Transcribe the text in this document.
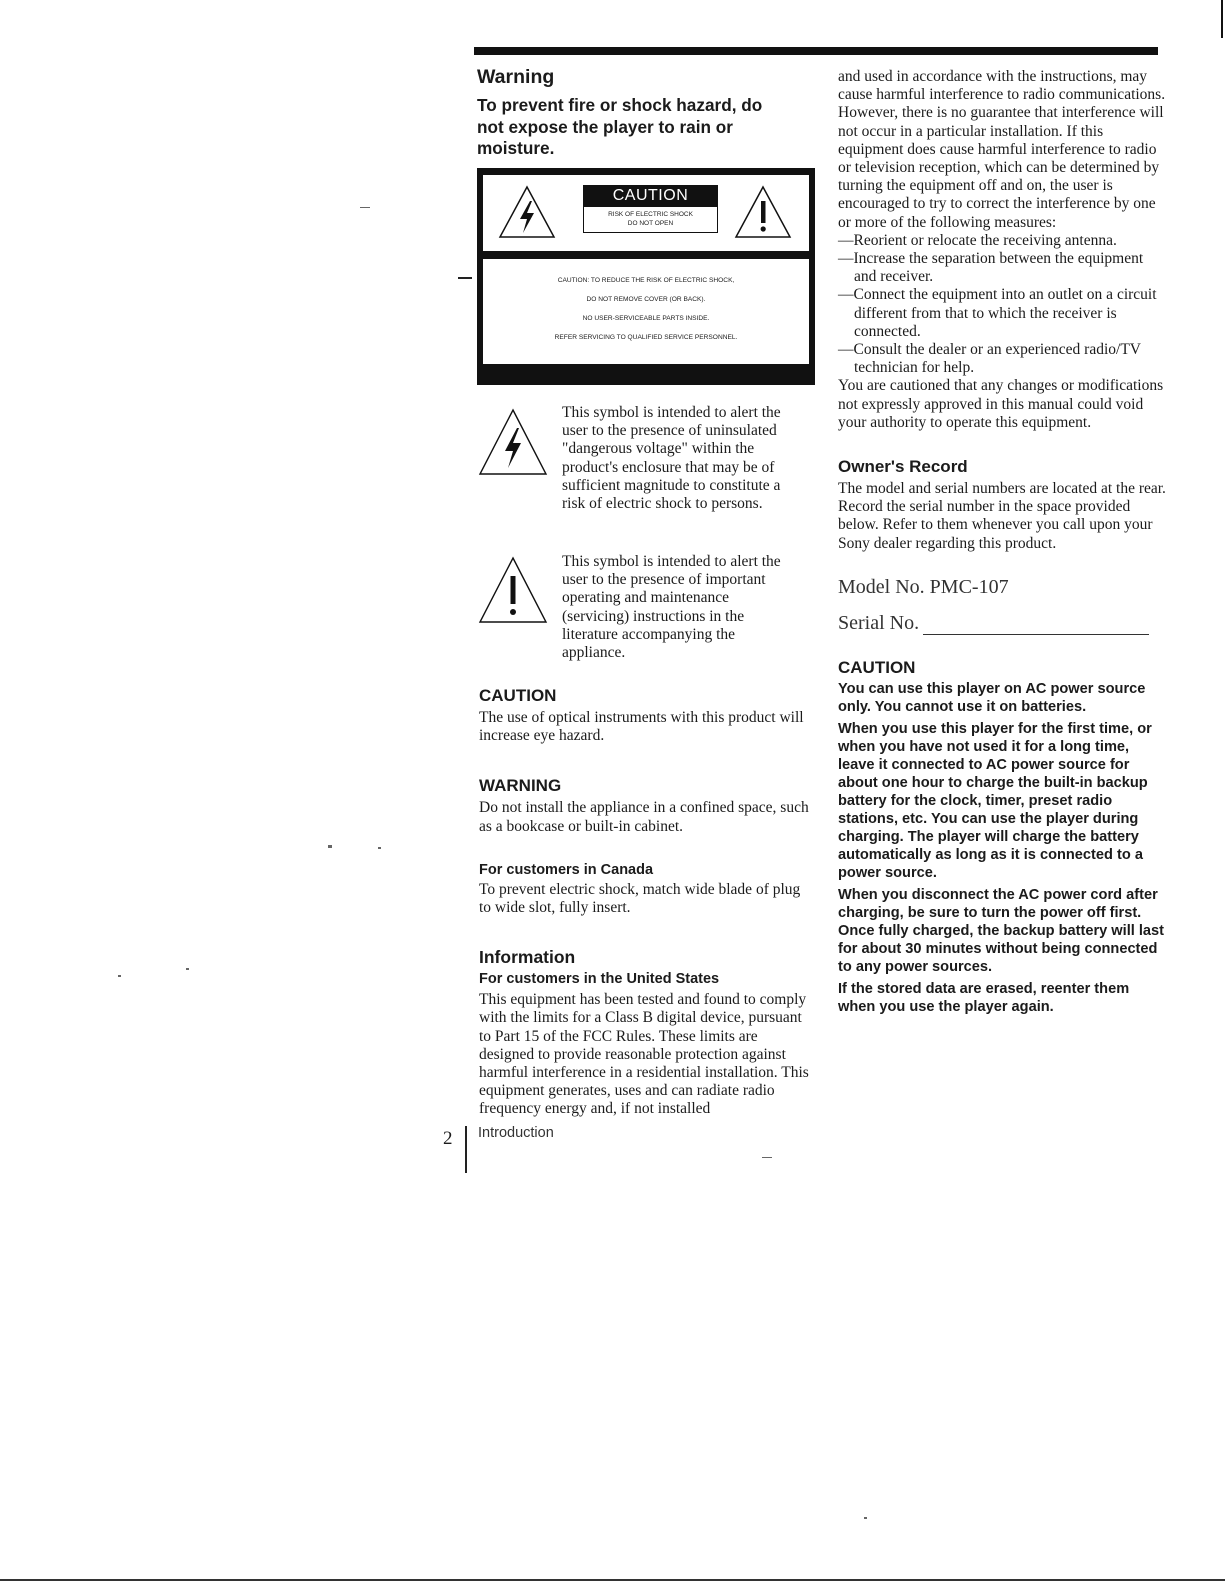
Warning

To prevent fire or shock hazard, do not expose the player to rain or moisture.

CAUTION
RISK OF ELECTRIC SHOCK
DO NOT OPEN
CAUTION: TO REDUCE THE RISK OF ELECTRIC SHOCK,
DO NOT REMOVE COVER (OR BACK).
NO USER-SERVICEABLE PARTS INSIDE.
REFER SERVICING TO QUALIFIED SERVICE PERSONNEL.

This symbol is intended to alert the user to the presence of uninsulated "dangerous voltage" within the product's enclosure that may be of sufficient magnitude to constitute a risk of electric shock to persons.

This symbol is intended to alert the user to the presence of important operating and maintenance (servicing) instructions in the literature accompanying the appliance.

CAUTION

The use of optical instruments with this product will increase eye hazard.

WARNING

Do not install the appliance in a confined space, such as a bookcase or built-in cabinet.

For customers in Canada

To prevent electric shock, match wide blade of plug to wide slot, fully insert.

Information
For customers in the United States

This equipment has been tested and found to comply with the limits for a Class B digital device, pursuant to Part 15 of the FCC Rules. These limits are designed to provide reasonable protection against harmful interference in a residential installation. This equipment generates, uses and can radiate radio frequency energy and, if not installed

and used in accordance with the instructions, may cause harmful interference to radio communications. However, there is no guarantee that interference will not occur in a particular installation. If this equipment does cause harmful interference to radio or television reception, which can be determined by turning the equipment off and on, the user is encouraged to try to correct the interference by one or more of the following measures:

—Reorient or relocate the receiving antenna.

—Increase the separation between the equipment and receiver.

—Connect the equipment into an outlet on a circuit different from that to which the receiver is connected.

—Consult the dealer or an experienced radio/TV technician for help.

You are cautioned that any changes or modifications not expressly approved in this manual could void your authority to operate this equipment.

Owner's Record

The model and serial numbers are located at the rear. Record the serial number in the space provided below. Refer to them whenever you call upon your Sony dealer regarding this product.

Model No. PMC-107

Serial No.
CAUTION

You can use this player on AC power source only. You cannot use it on batteries.

When you use this player for the first time, or when you have not used it for a long time, leave it connected to AC power source for about one hour to charge the built-in backup battery for the clock, timer, preset radio stations, etc. You can use the player during charging. The player will charge the battery automatically as long as it is connected to a power source.

When you disconnect the AC power cord after charging, be sure to turn the power off first. Once fully charged, the backup battery will last for about 30 minutes without being connected to any power sources.

If the stored data are erased, reenter them when you use the player again.

2 Introduction
